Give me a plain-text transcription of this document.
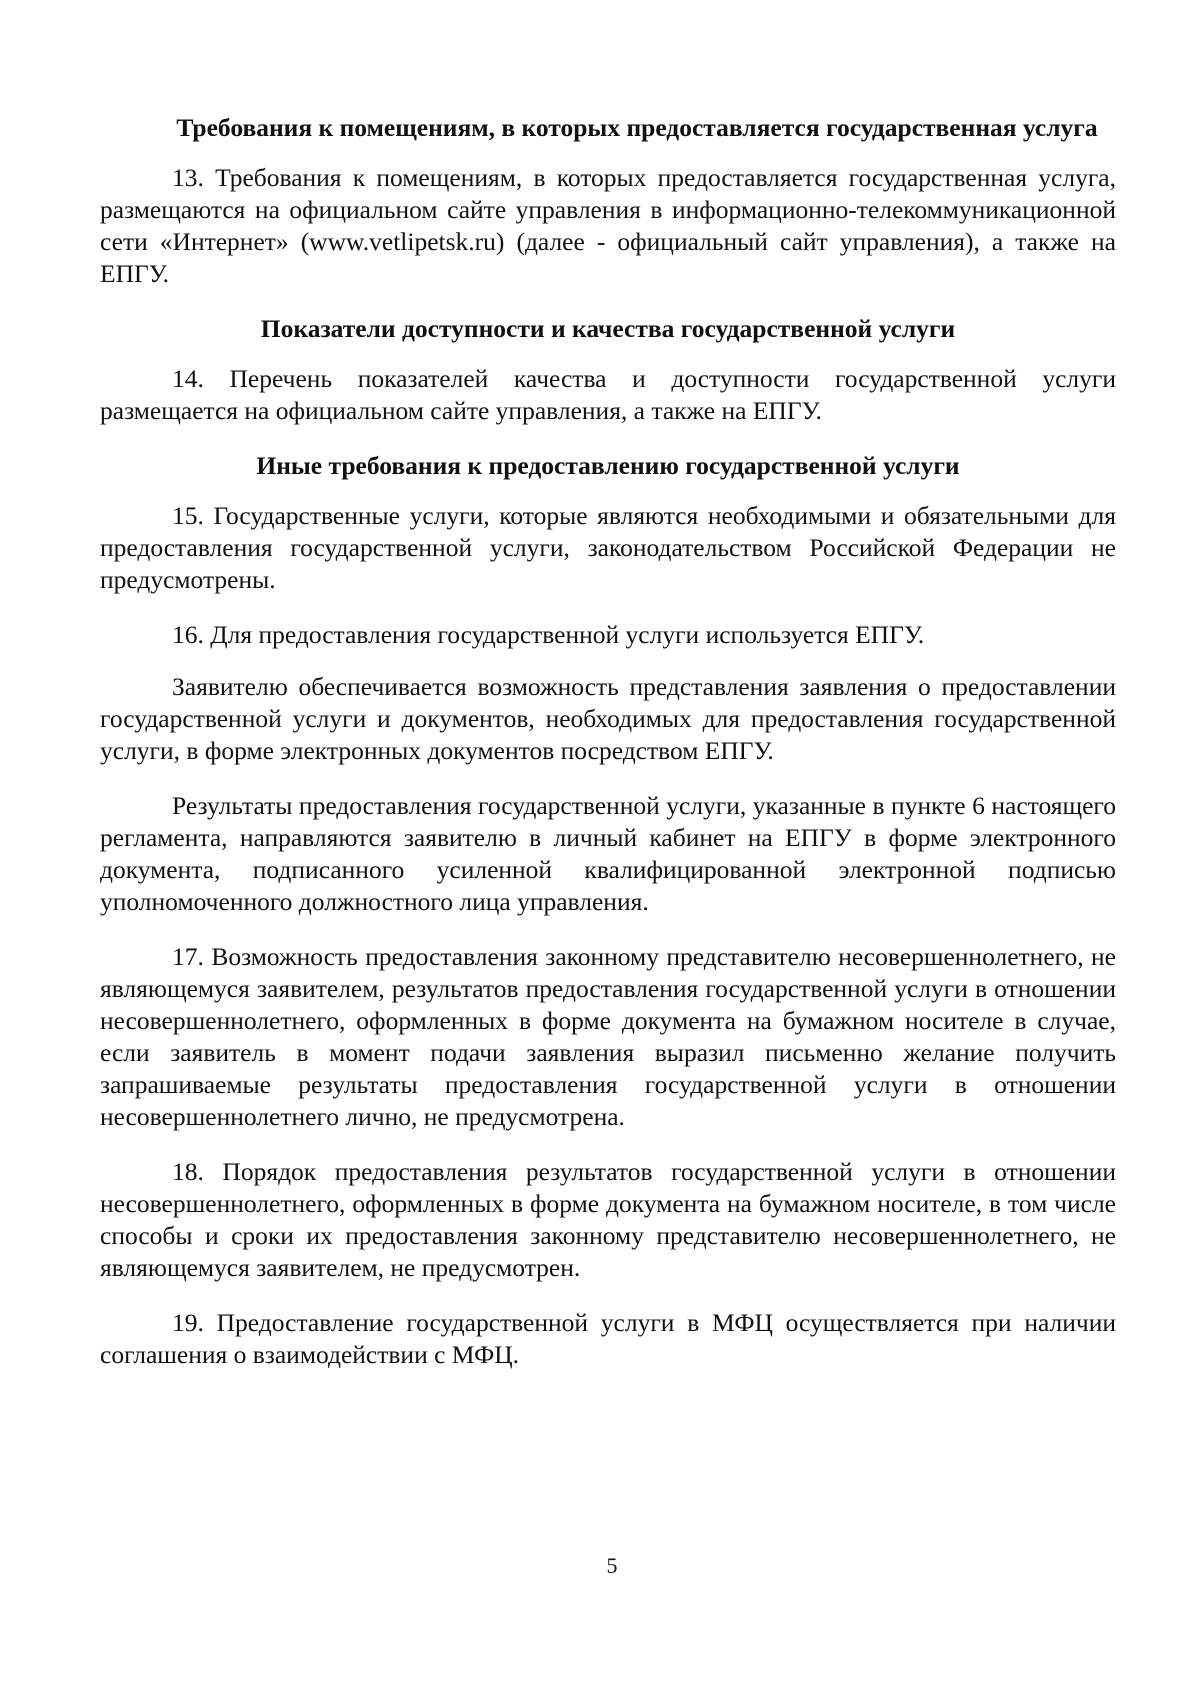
Требования к помещениям, в которых предоставляется государственная услуга

13. Требования к помещениям, в которых предоставляется государственная услуга, размещаются на официальном сайте управления в информационно-телекоммуникационной сети «Интернет» (www.vetlipetsk.ru) (далее - официальный сайт управления), а также на ЕПГУ.

Показатели доступности и качества государственной услуги

14. Перечень показателей качества и доступности государственной услуги размещается на официальном сайте управления, а также на ЕПГУ.

Иные требования к предоставлению государственной услуги

15. Государственные услуги, которые являются необходимыми и обязательными для предоставления государственной услуги, законодательством Российской Федерации не предусмотрены.

16. Для предоставления государственной услуги используется ЕПГУ.

Заявителю обеспечивается возможность представления заявления о предоставлении государственной услуги и документов, необходимых для предоставления государственной услуги, в форме электронных документов посредством ЕПГУ.

Результаты предоставления государственной услуги, указанные в пункте 6 настоящего регламента, направляются заявителю в личный кабинет на ЕПГУ в форме электронного документа, подписанного усиленной квалифицированной электронной подписью уполномоченного должностного лица управления.

17. Возможность предоставления законному представителю несовершеннолетнего, не являющемуся заявителем, результатов предоставления государственной услуги в отношении несовершеннолетнего, оформленных в форме документа на бумажном носителе в случае, если заявитель в момент подачи заявления выразил письменно желание получить запрашиваемые результаты предоставления государственной услуги в отношении несовершеннолетнего лично, не предусмотрена.

18. Порядок предоставления результатов государственной услуги в отношении несовершеннолетнего, оформленных в форме документа на бумажном носителе, в том числе способы и сроки их предоставления законному представителю несовершеннолетнего, не являющемуся заявителем, не предусмотрен.

19. Предоставление государственной услуги в МФЦ осуществляется при наличии соглашения о взаимодействии с МФЦ.

5
